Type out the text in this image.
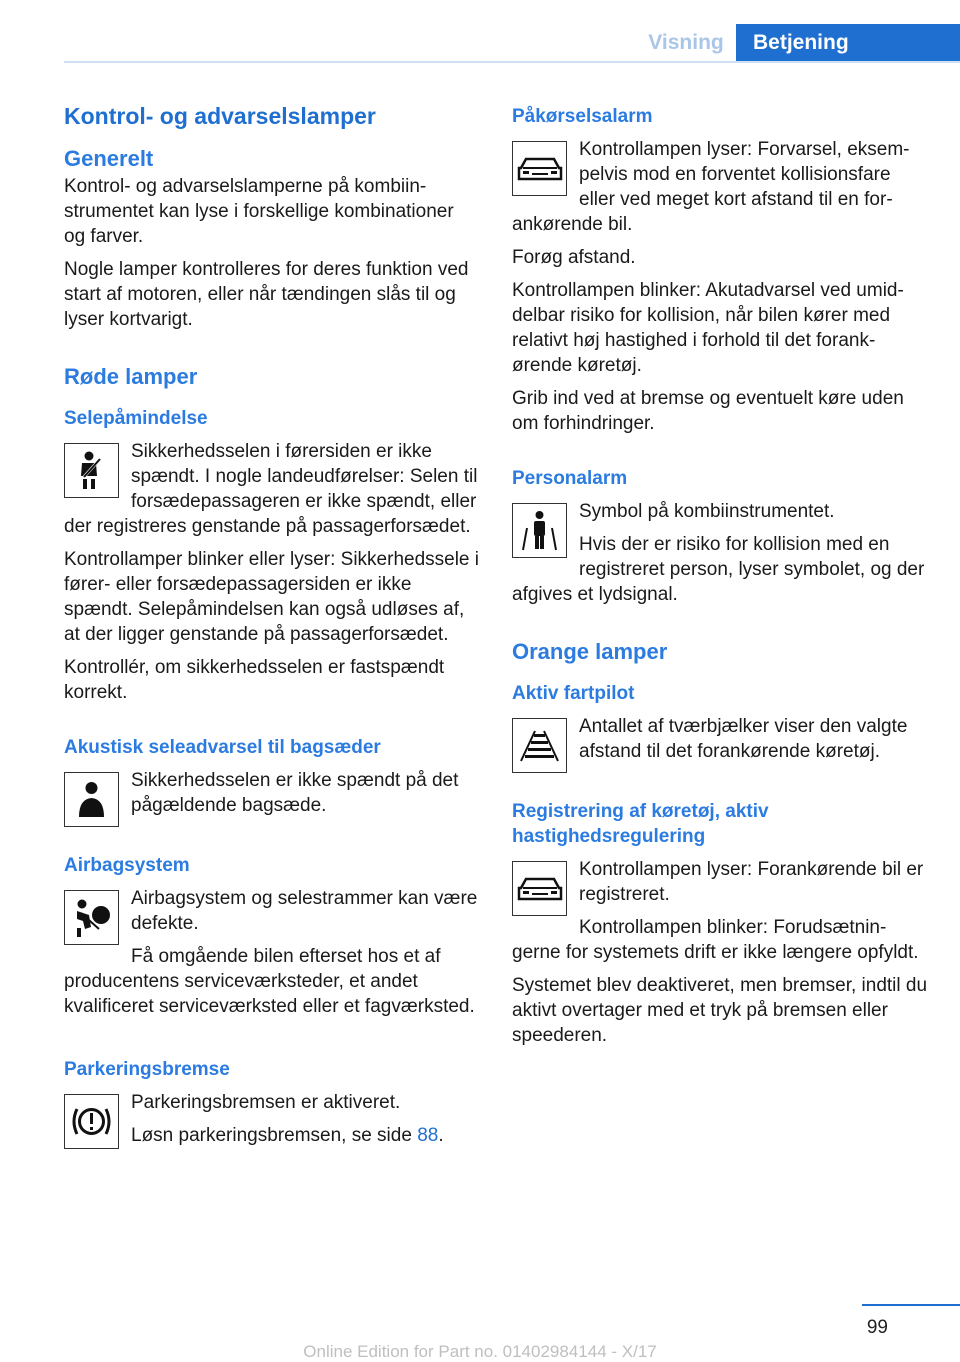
Visning	Betjening
Kontrol- og advarselslamper
Generelt

Kontrol- og advarselslamperne på kombiinstrumentet kan lyse i forskellige kombinationer og farver.

Nogle lamper kontrolleres for deres funktion ved start af motoren, eller når tændingen slås til og lyser kortvarigt.

Røde lamper
Selepåmindelse

Sikkerhedsselen i førersiden er ikke spændt. I nogle landeudførelser: Selen til forsædepassageren er ikke spændt, eller der registreres genstande på passagerforsædet.

Kontrollamper blinker eller lyser: Sikkerhedssele i fører- eller forsædepassagersiden er ikke spændt. Selepåmindelsen kan også udløses af, at der ligger genstande på passagerforsædet.

Kontrollér, om sikkerhedsselen er fastspændt korrekt.

Akustisk seleadvarsel til bagsæder

Sikkerhedsselen er ikke spændt på det pågældende bagsæde.

Airbagsystem

Airbagsystem og selestrammer kan være defekte.

Få omgående bilen efterset hos et af producentens serviceværksteder, et andet kvalificeret serviceværksted eller et fagværksted.

Parkeringsbremse

Parkeringsbremsen er aktiveret.

Løsn parkeringsbremsen, se side 88.

Påkørselsalarm

Kontrollampen lyser: Forvarsel, eksempelvis mod en forventet kollisionsfare eller ved meget kort afstand til en forankørende bil.

Forøg afstand.

Kontrollampen blinker: Akutadvarsel ved umiddelbar risiko for kollision, når bilen kører med relativt høj hastighed i forhold til det forankørende køretøj.

Grib ind ved at bremse og eventuelt køre uden om forhindringer.

Personalarm

Symbol på kombiinstrumentet.

Hvis der er risiko for kollision med en registreret person, lyser symbolet, og der afgives et lydsignal.

Orange lamper
Aktiv fartpilot

Antallet af tværbjælker viser den valgte afstand til det forankørende køretøj.

Registrering af køretøj, aktiv hastighedsregulering

Kontrollampen lyser: Forankørende bil er registreret.

Kontrollampen blinker: Forudsætningerne for systemets drift er ikke længere opfyldt.

Systemet blev deaktiveret, men bremser, indtil du aktivt overtager med et tryk på bremsen eller speederen.

99
Online Edition for Part no. 01402984144 - X/17
